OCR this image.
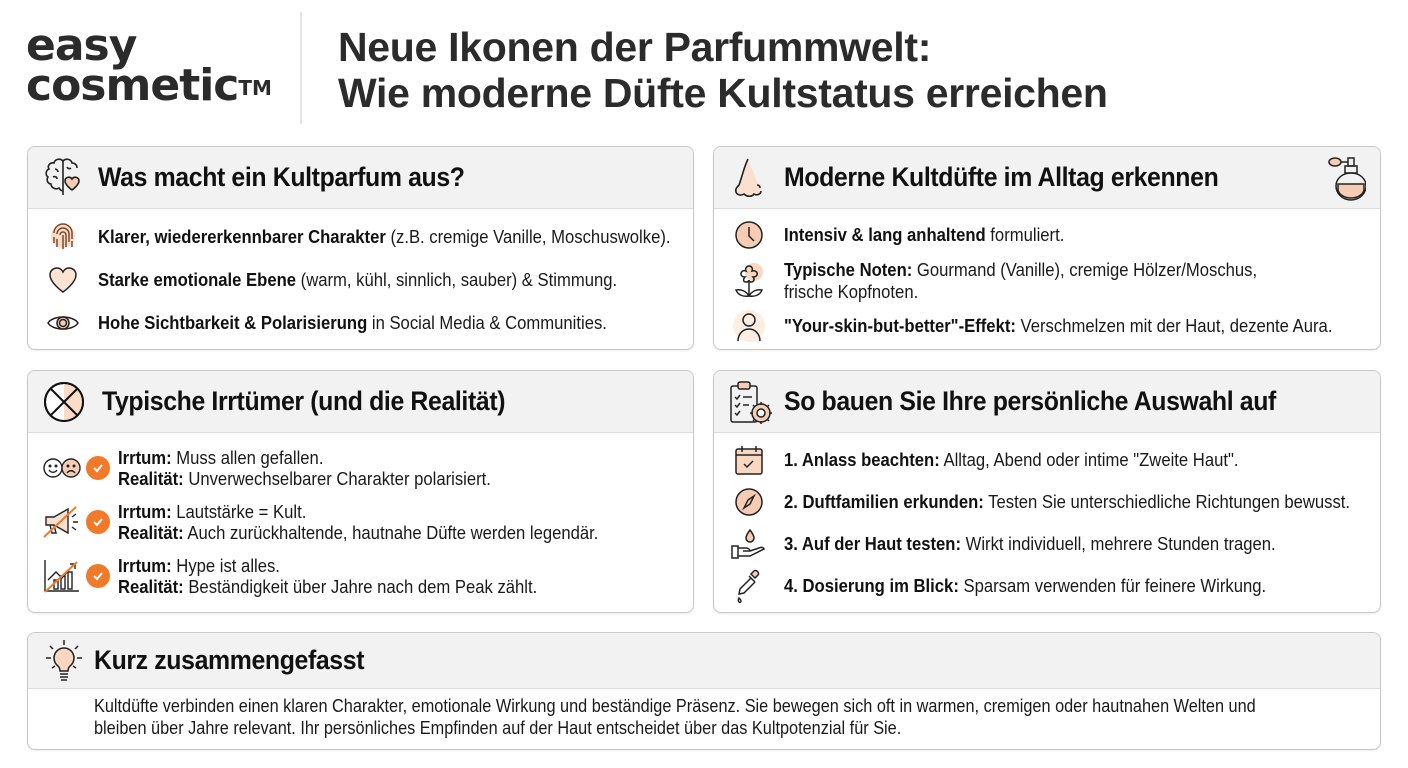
easy
cosmetic™
Neue Ikonen der Parfummwelt:
Wie moderne Düfte Kultstatus erreichen
Was macht ein Kultparfum aus?
Klarer, wiedererkennbarer Charakter (z.B. cremige Vanille, Moschuswolke).
Starke emotionale Ebene (warm, kühl, sinnlich, sauber) & Stimmung.
Hohe Sichtbarkeit & Polarisierung in Social Media & Communities.
Moderne Kultdüfte im Alltag erkennen
Intensiv & lang anhaltend formuliert.
Typische Noten: Gourmand (Vanille), cremige Hölzer/Moschus, frische Kopfnoten.
"Your-skin-but-better"-Effekt: Verschmelzen mit der Haut, dezente Aura.
Typische Irrtümer (und die Realität)
Irrtum: Muss allen gefallen.
Realität: Unverwechselbarer Charakter polarisiert.
Irrtum: Lautstärke = Kult.
Realität: Auch zurückhaltende, hautnahe Düfte werden legendär.
Irrtum: Hype ist alles.
Realität: Beständigkeit über Jahre nach dem Peak zählt.
So bauen Sie Ihre persönliche Auswahl auf
1. Anlass beachten: Alltag, Abend oder intime "Zweite Haut".
2. Duftfamilien erkunden: Testen Sie unterschiedliche Richtungen bewusst.
3. Auf der Haut testen: Wirkt individuell, mehrere Stunden tragen.
4. Dosierung im Blick: Sparsam verwenden für feinere Wirkung.
Kurz zusammengefasst
Kultdüfte verbinden einen klaren Charakter, emotionale Wirkung und beständige Präsenz. Sie bewegen sich oft in warmen, cremigen oder hautnahen Welten und
bleiben über Jahre relevant. Ihr persönliches Empfinden auf der Haut entscheidet über das Kultpotenzial für Sie.
